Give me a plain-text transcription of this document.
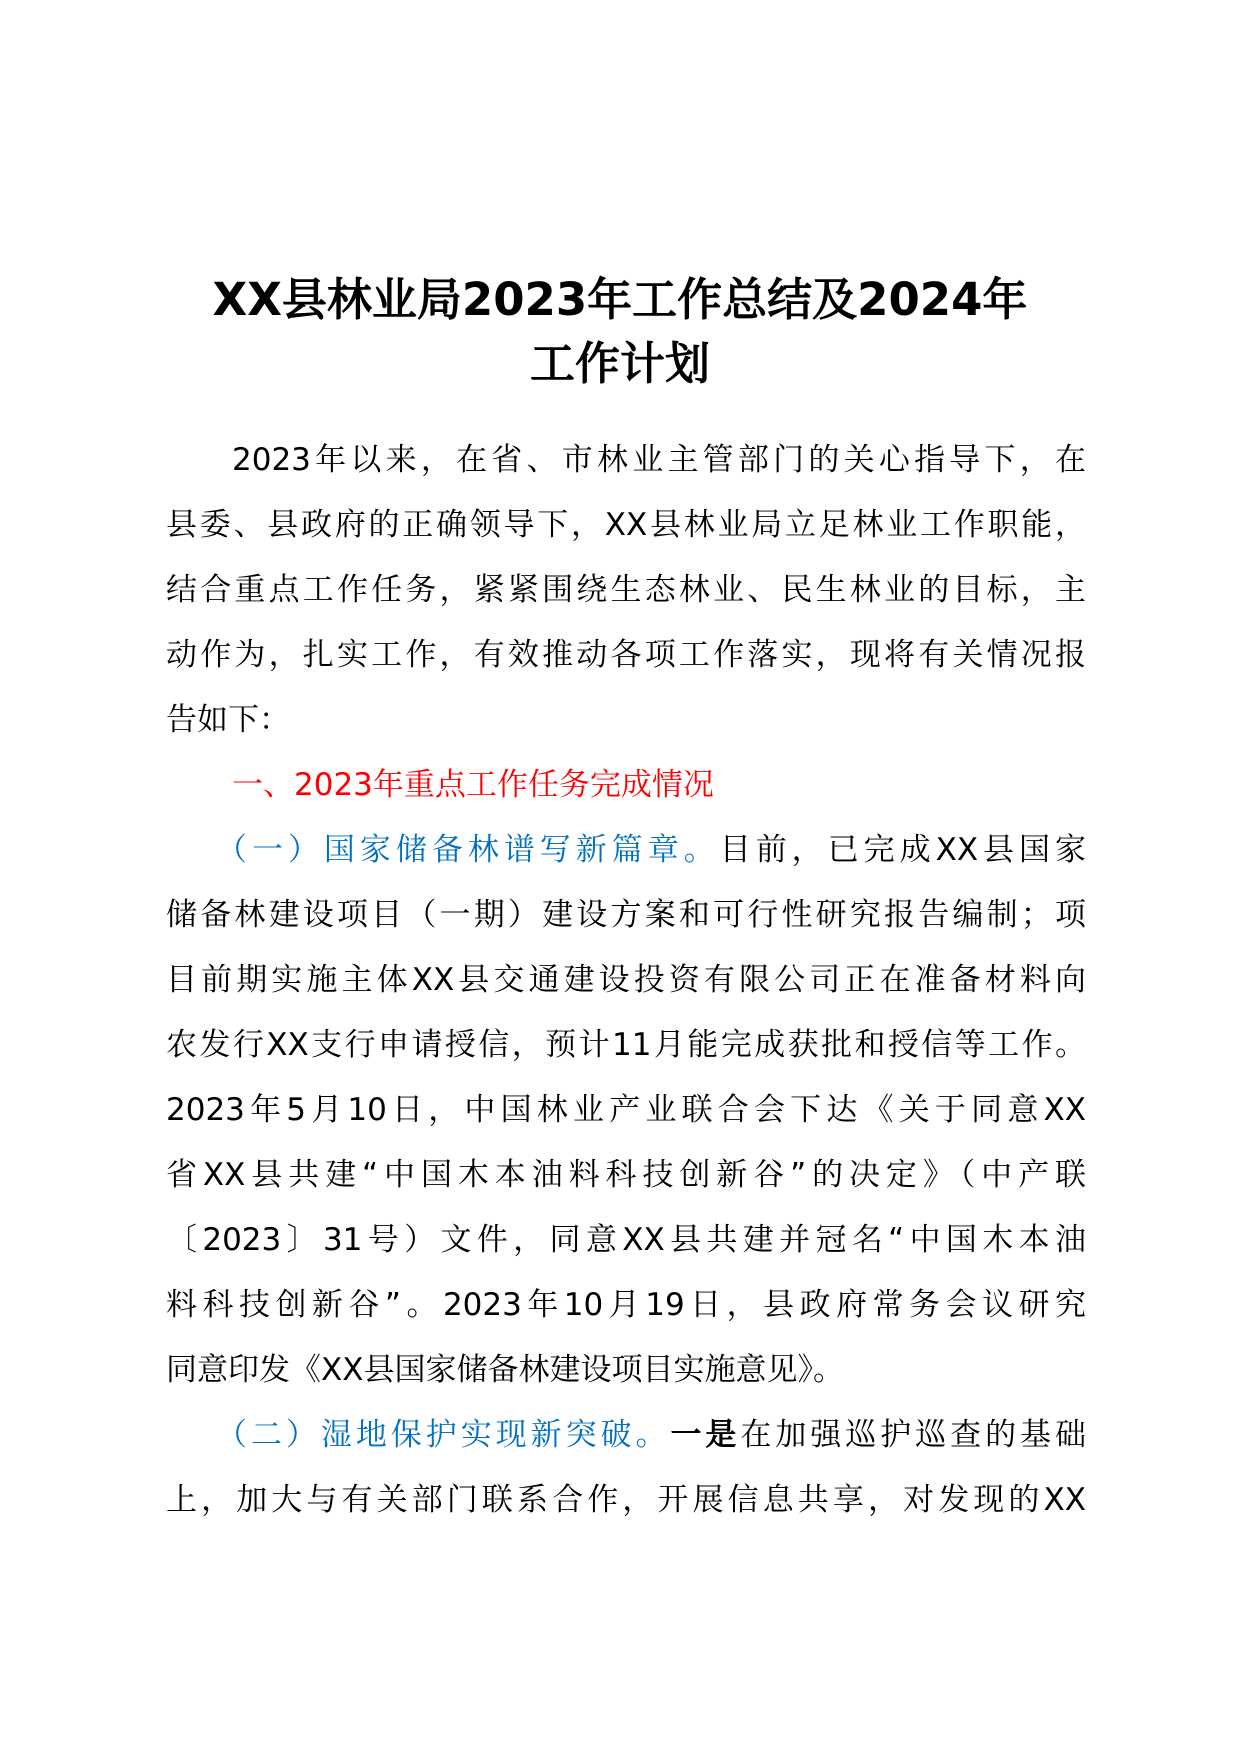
XX县林业局2023年工作总结及2024年
工作计划
2023年以来，在省、市林业主管部门的关心指导下，在
县委、县政府的正确领导下，XX县林业局立足林业工作职能，
结合重点工作任务，紧紧围绕生态林业、民生林业的目标，主
动作为，扎实工作，有效推动各项工作落实，现将有关情况报
告如下：
一、2023年重点工作任务完成情况
（一）国家储备林谱写新篇章。目前，已完成XX县国家
储备林建设项目（一期）建设方案和可行性研究报告编制；项
目前期实施主体XX县交通建设投资有限公司正在准备材料向
农发行XX支行申请授信，预计11月能完成获批和授信等工作。
2023年5月10日，中国林业产业联合会下达《关于同意XX
省XX县共建“中国木本油料科技创新谷”的决定》（中产联
〔2023〕31号）文件，同意XX县共建并冠名“中国木本油
料科技创新谷”。2023年10月19日，县政府常务会议研究
同意印发《XX县国家储备林建设项目实施意见》。
（二）湿地保护实现新突破。一是在加强巡护巡查的基础
上，加大与有关部门联系合作，开展信息共享，对发现的XX
